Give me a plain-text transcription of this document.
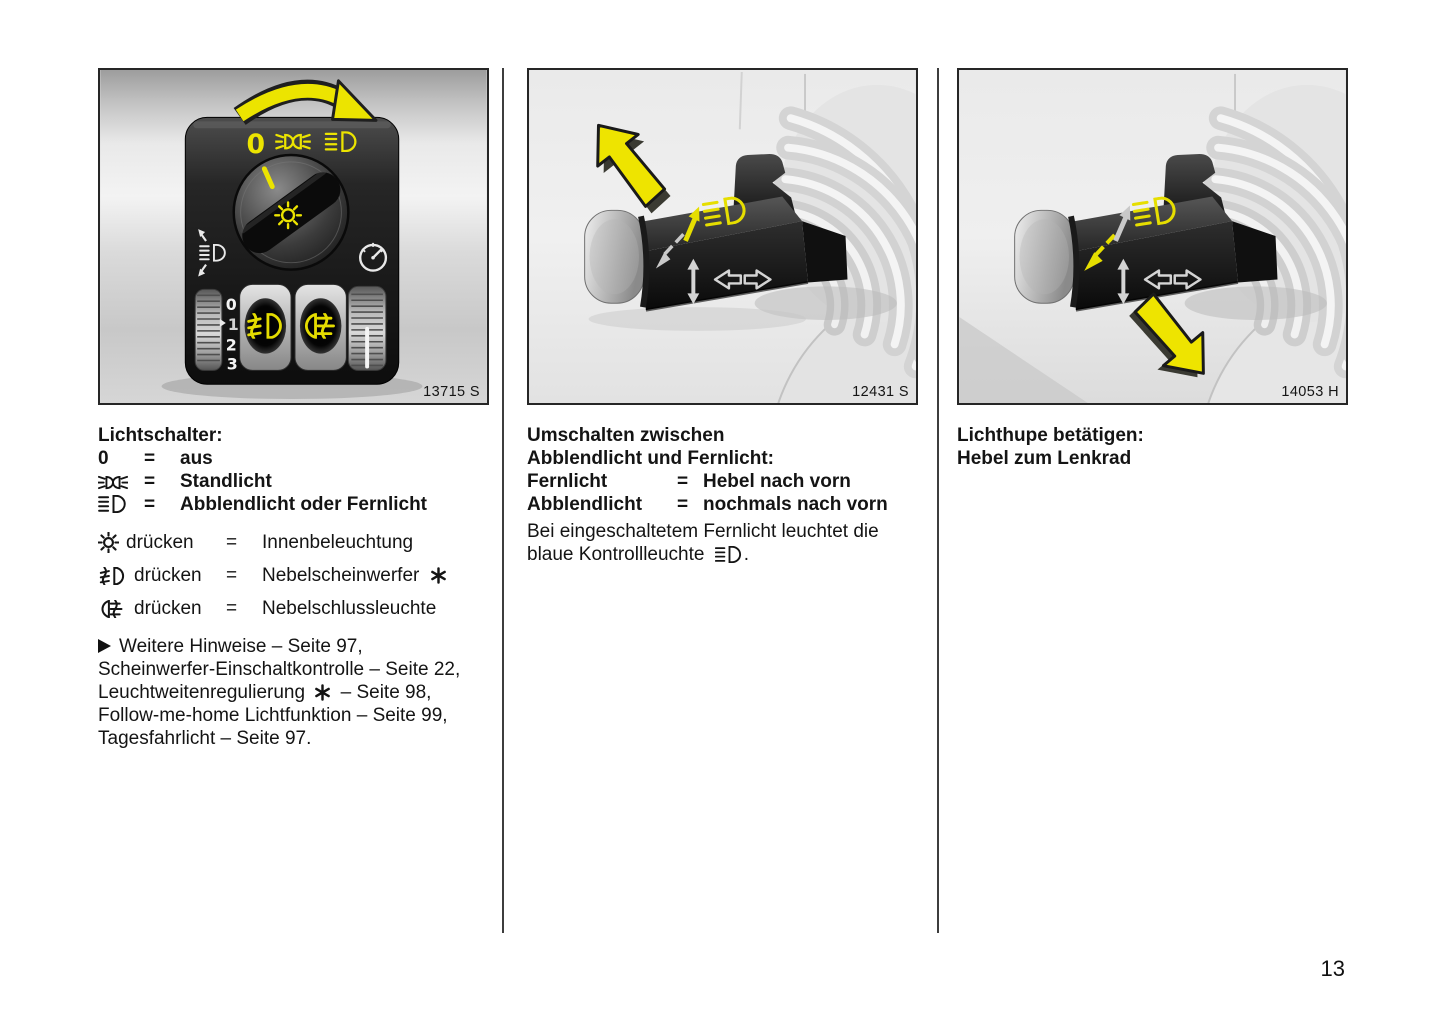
0
0
1
2
3
13715 S	12431 S	14053 H
Lichtschalter:
0	=	aus
=	Standlicht
=	Abblendlicht oder Fernlicht
drücken =	Innenbeleuchtung
drücken =	Nebelscheinwerfer
drücken =	Nebelschlussleuchte
Weitere Hinweise – Seite 97,
Scheinwerfer-Einschaltkontrolle – Seite 22,
Leuchtweitenregulierung – Seite 98,
Follow-me-home Lichtfunktion – Seite 99,
Tagesfahrlicht – Seite 97.
Umschalten zwischen
Abblendlicht und Fernlicht:
Fernlicht	= Hebel nach vorn
Abblendlicht	= nochmals nach vorn
Bei eingeschaltetem Fernlicht leuchtet die
blaue Kontrollleuchte .
Lichthupe betätigen:
Hebel zum Lenkrad
13
